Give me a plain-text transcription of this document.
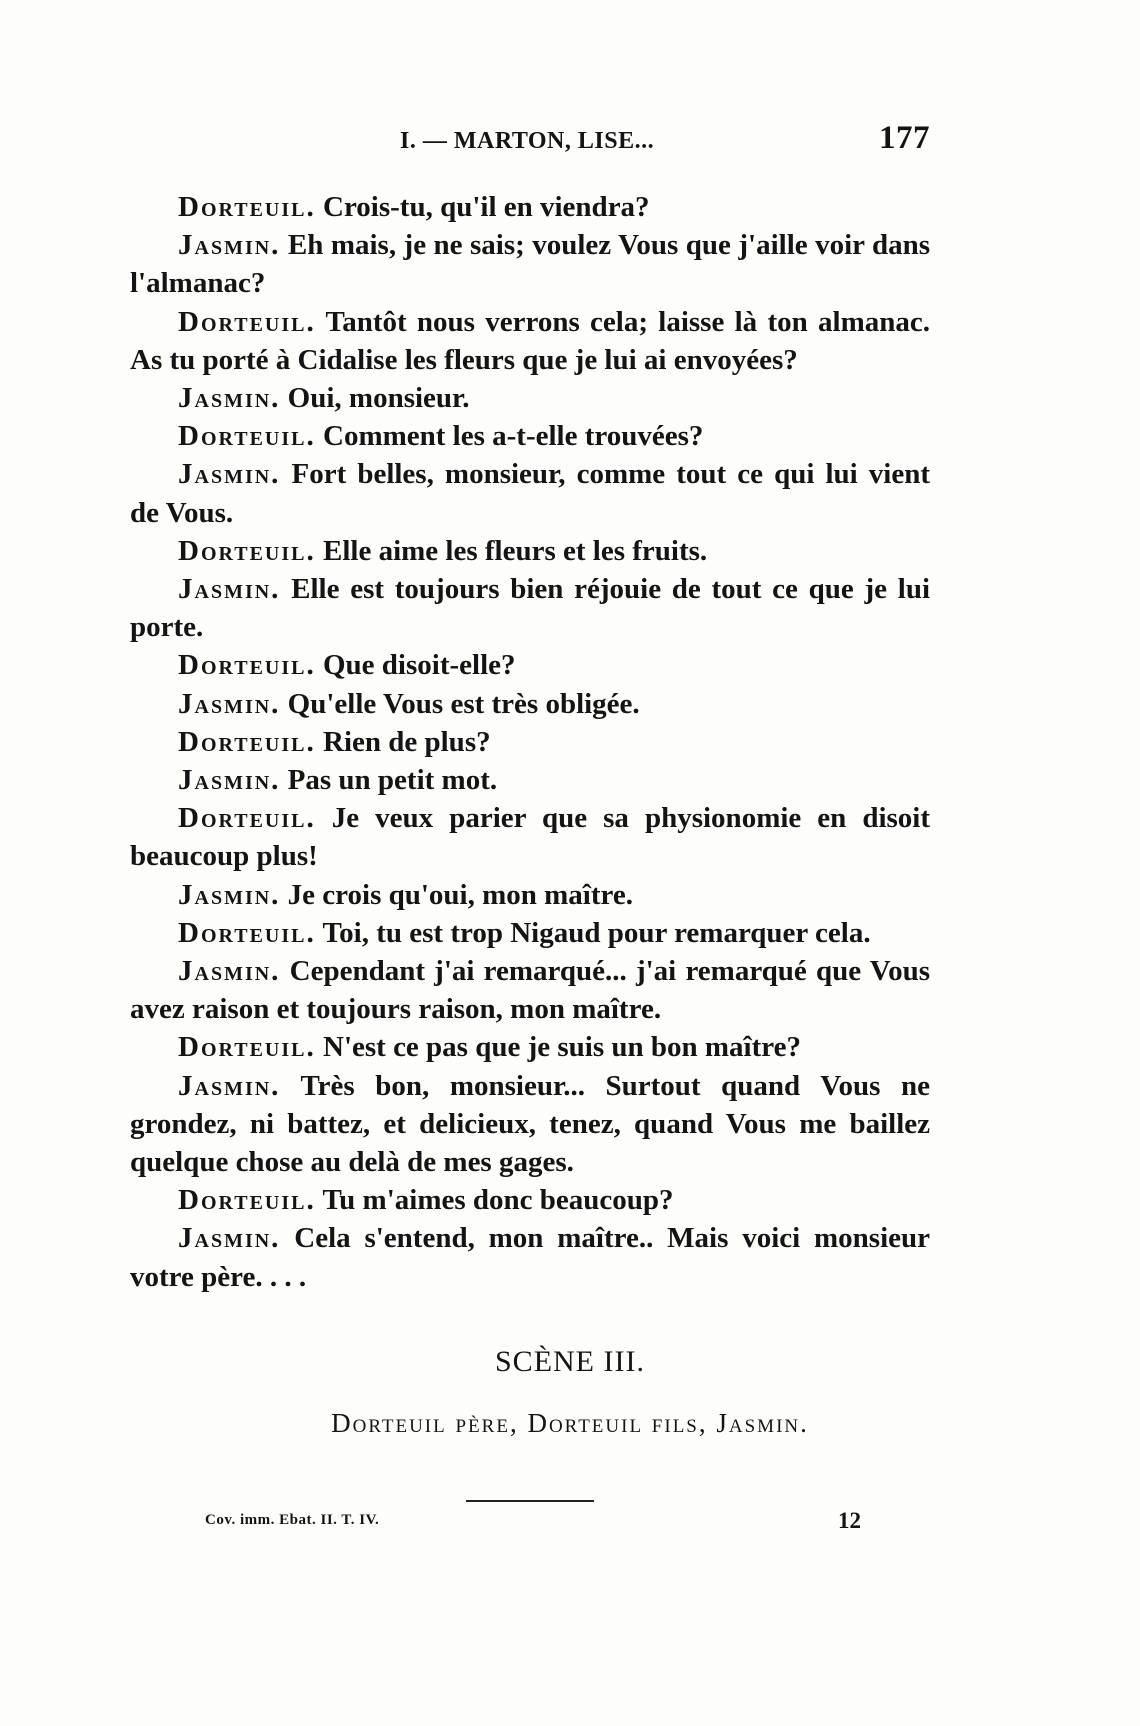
I. — MARTON, LISE...	177

Dorteuil. Crois-tu, qu'il en viendra?

Jasmin. Eh mais, je ne sais; voulez Vous que j'aille voir dans l'almanac?

Dorteuil. Tantôt nous verrons cela; laisse là ton almanac. As tu porté à Cidalise les fleurs que je lui ai envoyées?

Jasmin. Oui, monsieur.

Dorteuil. Comment les a-t-elle trouvées?

Jasmin. Fort belles, monsieur, comme tout ce qui lui vient de Vous.

Dorteuil. Elle aime les fleurs et les fruits.

Jasmin. Elle est toujours bien réjouie de tout ce que je lui porte.

Dorteuil. Que disoit-elle?

Jasmin. Qu'elle Vous est très obligée.

Dorteuil. Rien de plus?

Jasmin. Pas un petit mot.

Dorteuil. Je veux parier que sa physionomie en disoit beaucoup plus!

Jasmin. Je crois qu'oui, mon maître.

Dorteuil. Toi, tu est trop Nigaud pour remarquer cela.

Jasmin. Cependant j'ai remarqué... j'ai remarqué que Vous avez raison et toujours raison, mon maître.

Dorteuil. N'est ce pas que je suis un bon maître?

Jasmin. Très bon, monsieur... Surtout quand Vous ne grondez, ni battez, et delicieux, tenez, quand Vous me baillez quelque chose au delà de mes gages.

Dorteuil. Tu m'aimes donc beaucoup?

Jasmin. Cela s'entend, mon maître.. Mais voici monsieur votre père. . . .

SCÈNE III.
Dorteuil père, Dorteuil fils, Jasmin.
Cov. imm. Ebat. II. T. IV.	12
